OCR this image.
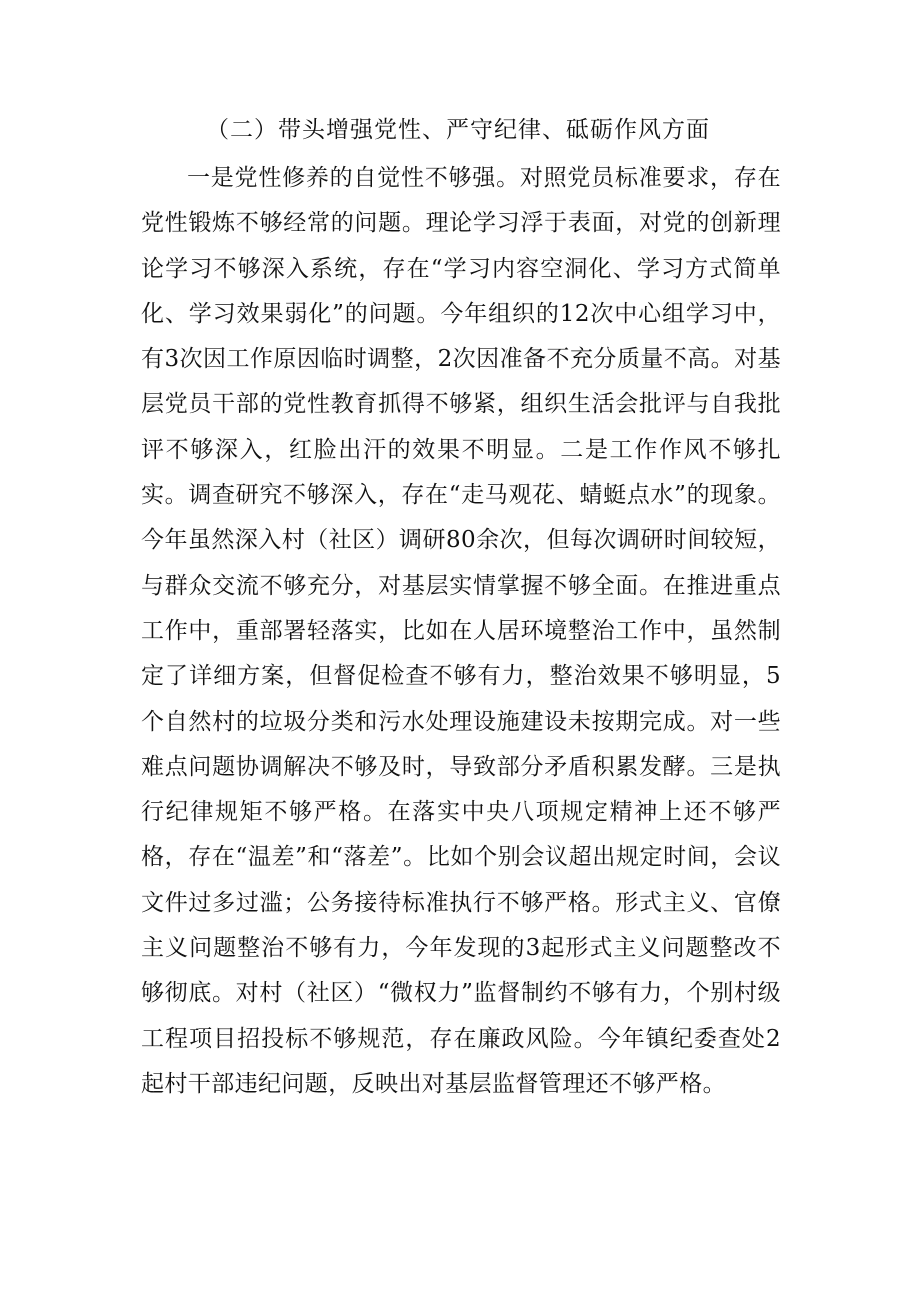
（二）带头增强党性、严守纪律、砥砺作风方面

一是党性修养的自觉性不够强。对照党员标准要求，存在党性锻炼不够经常的问题。理论学习浮于表面，对党的创新理论学习不够深入系统，存在“学习内容空洞化、学习方式简单化、学习效果弱化”的问题。今年组织的12次中心组学习中，有3次因工作原因临时调整，2次因准备不充分质量不高。对基层党员干部的党性教育抓得不够紧，组织生活会批评与自我批评不够深入，红脸出汗的效果不明显。二是工作作风不够扎实。调查研究不够深入，存在“走马观花、蜻蜓点水”的现象。今年虽然深入村（社区）调研80余次，但每次调研时间较短，与群众交流不够充分，对基层实情掌握不够全面。在推进重点工作中，重部署轻落实，比如在人居环境整治工作中，虽然制定了详细方案，但督促检查不够有力，整治效果不够明显，5个自然村的垃圾分类和污水处理设施建设未按期完成。对一些难点问题协调解决不够及时，导致部分矛盾积累发酵。三是执行纪律规矩不够严格。在落实中央八项规定精神上还不够严格，存在“温差”和“落差”。比如个别会议超出规定时间，会议文件过多过滥；公务接待标准执行不够严格。形式主义、官僚主义问题整治不够有力，今年发现的3起形式主义问题整改不够彻底。对村（社区）“微权力”监督制约不够有力，个别村级工程项目招投标不够规范，存在廉政风险。今年镇纪委查处2起村干部违纪问题，反映出对基层监督管理还不够严格。
